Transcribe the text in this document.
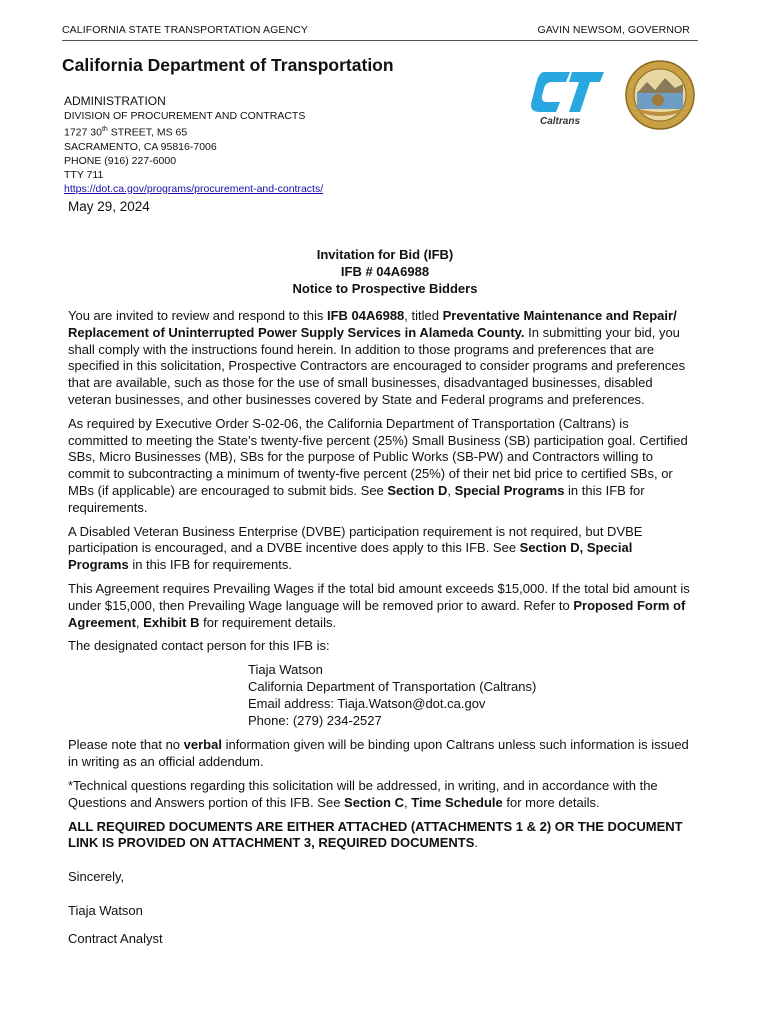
CALIFORNIA STATE TRANSPORTATION AGENCY	GAVIN NEWSOM, GOVERNOR
California Department of Transportation
ADMINISTRATION
DIVISION OF PROCUREMENT AND CONTRACTS
1727 30th STREET, MS 65
SACRAMENTO, CA 95816-7006
PHONE (916) 227-6000
TTY 711
https://dot.ca.gov/programs/procurement-and-contracts/
Caltrans
May 29, 2024
Invitation for Bid (IFB)
IFB # 04A6988
Notice to Prospective Bidders

You are invited to review and respond to this IFB 04A6988, titled Preventative Maintenance and Repair/ Replacement of Uninterrupted Power Supply Services in Alameda County. In submitting your bid, you shall comply with the instructions found herein. In addition to those programs and preferences that are specified in this solicitation, Prospective Contractors are encouraged to consider programs and preferences that are available, such as those for the use of small businesses, disadvantaged businesses, disabled veteran businesses, and other businesses covered by State and Federal programs and preferences.

As required by Executive Order S-02-06, the California Department of Transportation (Caltrans) is committed to meeting the State’s twenty-five percent (25%) Small Business (SB) participation goal. Certified SBs, Micro Businesses (MB), SBs for the purpose of Public Works (SB-PW) and Contractors willing to commit to subcontracting a minimum of twenty-five percent (25%) of their net bid price to certified SBs, or MBs (if applicable) are encouraged to submit bids. See Section D, Special Programs in this IFB for requirements.

A Disabled Veteran Business Enterprise (DVBE) participation requirement is not required, but DVBE participation is encouraged, and a DVBE incentive does apply to this IFB. See Section D, Special Programs in this IFB for requirements.

This Agreement requires Prevailing Wages if the total bid amount exceeds $15,000. If the total bid amount is under $15,000, then Prevailing Wage language will be removed prior to award. Refer to Proposed Form of Agreement, Exhibit B for requirement details.

The designated contact person for this IFB is:

Tiaja Watson
California Department of Transportation (Caltrans)
Email address: Tiaja.Watson@dot.ca.gov
Phone: (279) 234-2527

Please note that no verbal information given will be binding upon Caltrans unless such information is issued in writing as an official addendum.

*Technical questions regarding this solicitation will be addressed, in writing, and in accordance with the Questions and Answers portion of this IFB. See Section C, Time Schedule for more details.

ALL REQUIRED DOCUMENTS ARE EITHER ATTACHED (ATTACHMENTS 1 & 2) OR THE DOCUMENT LINK IS PROVIDED ON ATTACHMENT 3, REQUIRED DOCUMENTS.

Sincerely,

Tiaja Watson

Contract Analyst
